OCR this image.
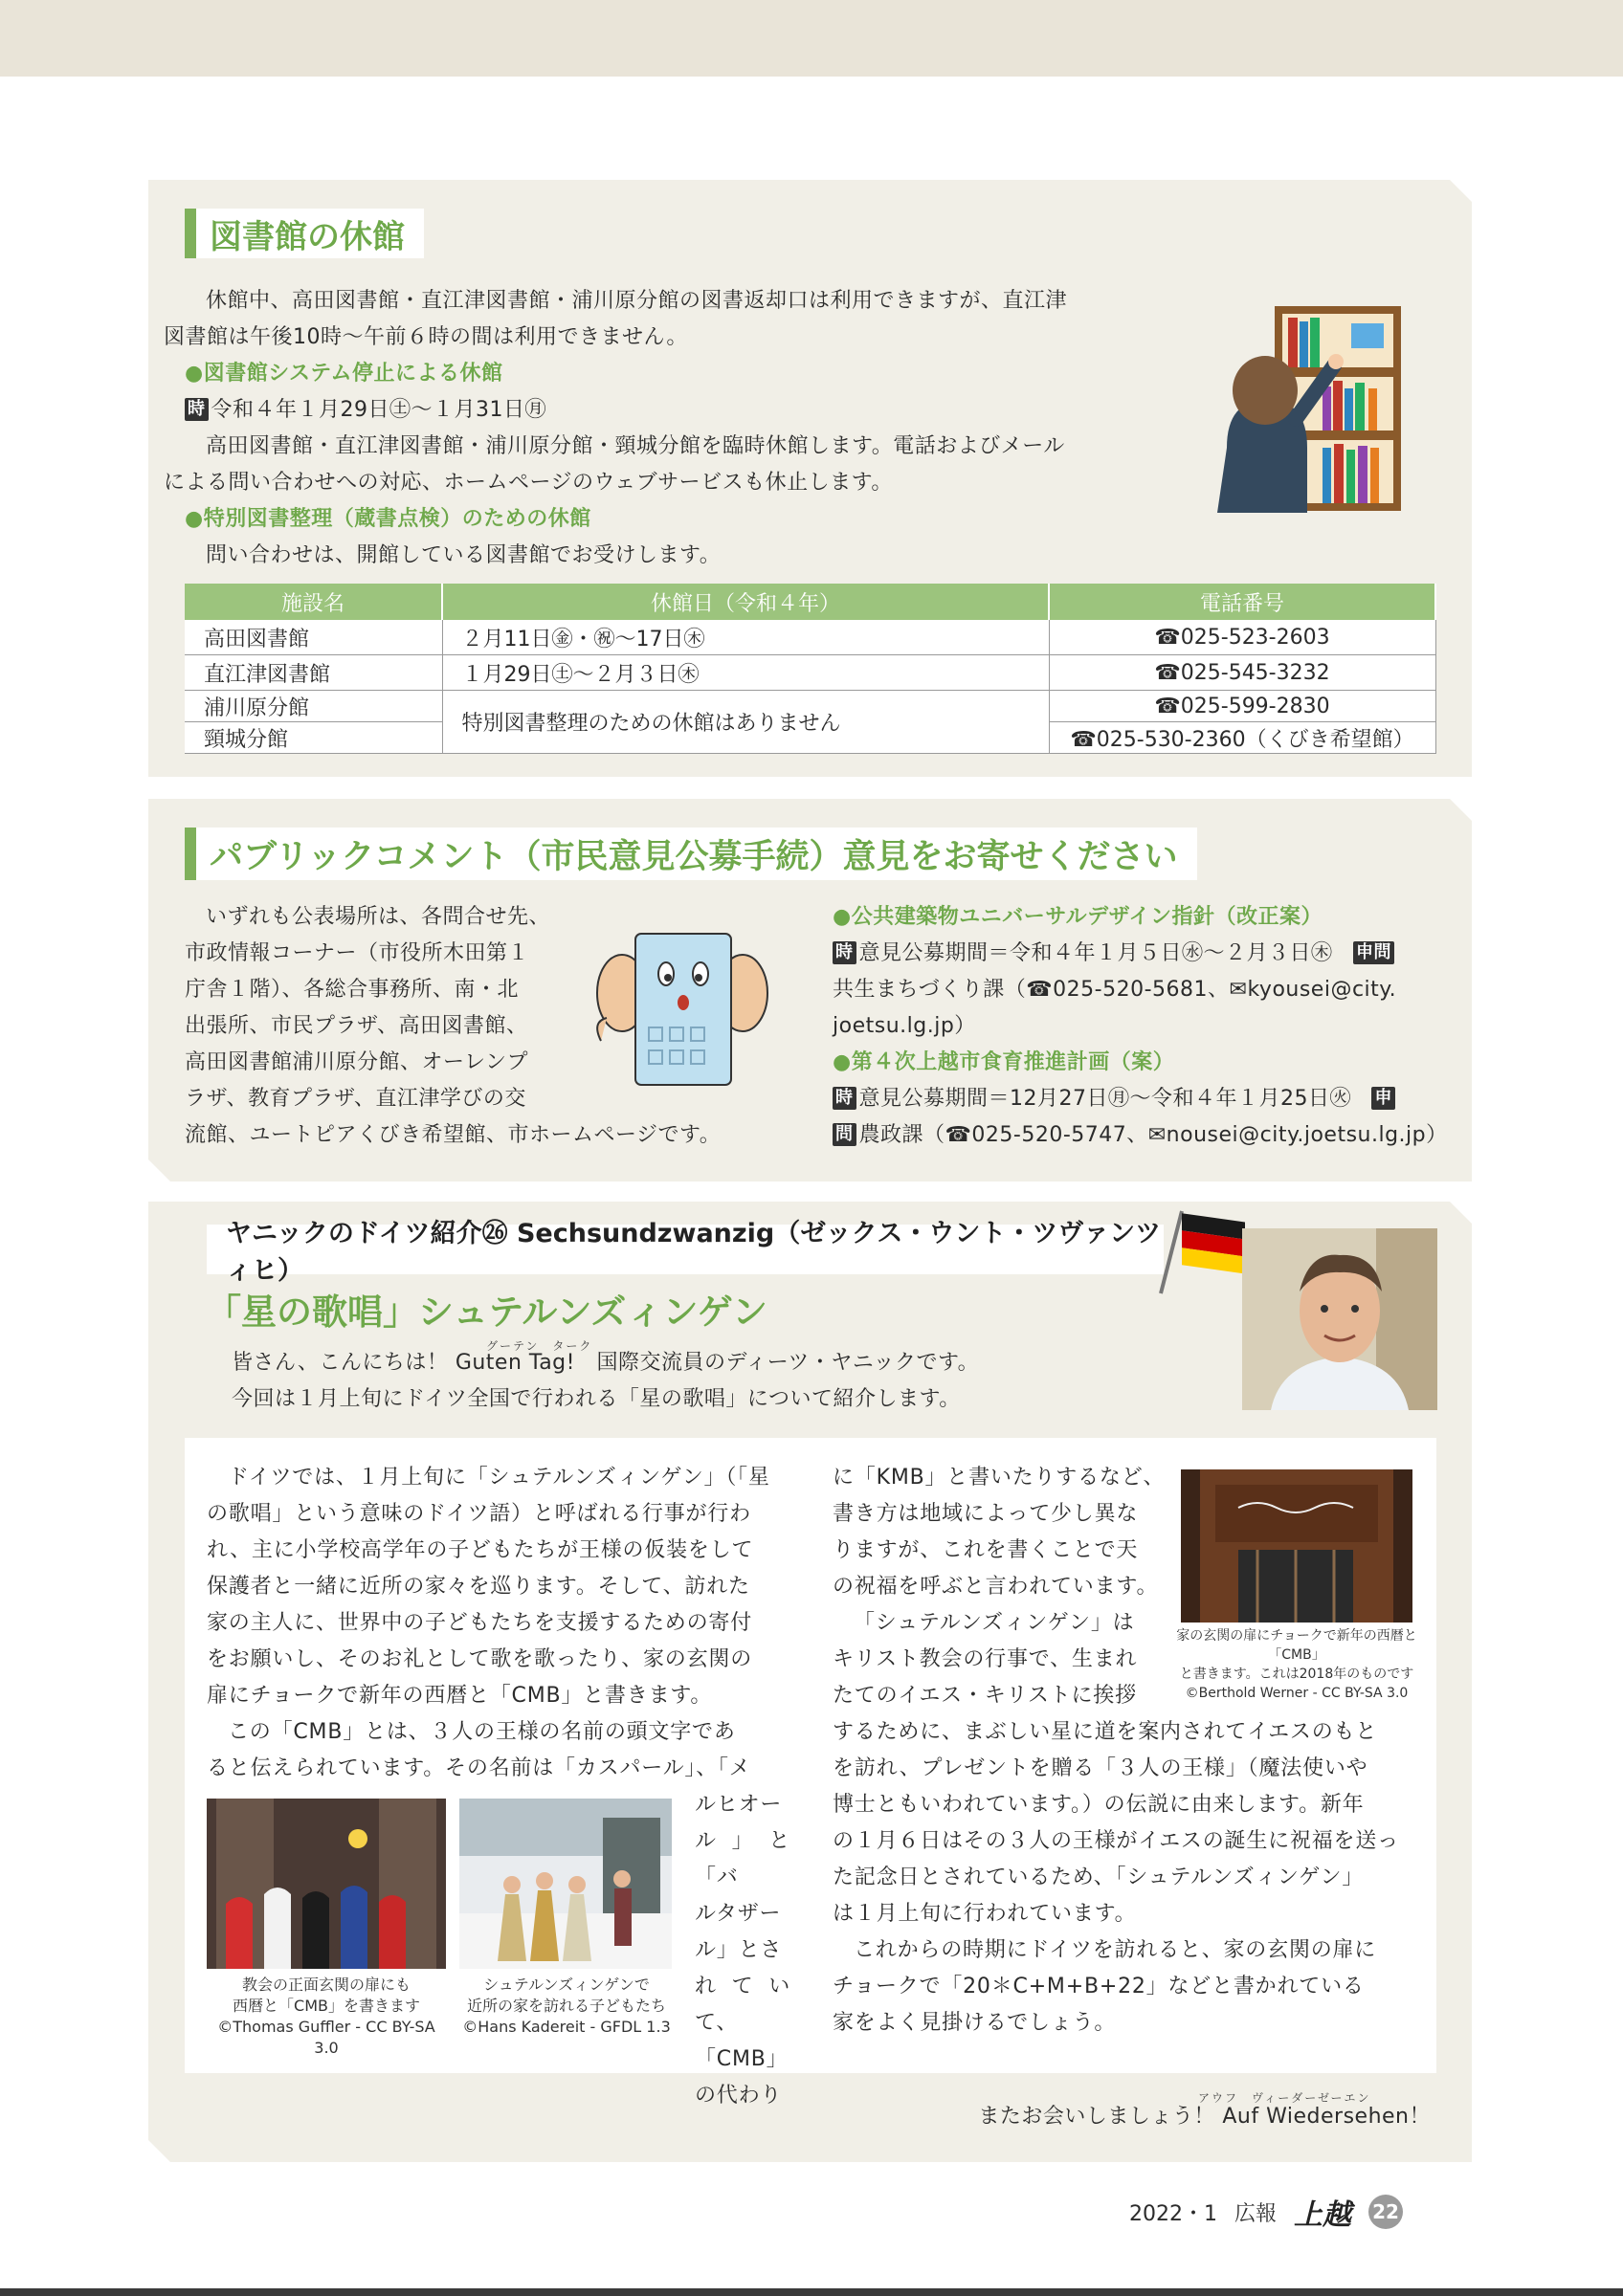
図書館の休館

休館中、高田図書館・直江津図書館・浦川原分館の図書返却口は利用できますが、直江津
図書館は午後10時～午前６時の間は利用できません。

●図書館システム停止による休館

時 令和４年１月29日㊏～１月31日㊊

高田図書館・直江津図書館・浦川原分館・頸城分館を臨時休館します。電話およびメール
による問い合わせへの対応、ホームページのウェブサービスも休止します。

●特別図書整理（蔵書点検）のための休館

問い合わせは、開館している図書館でお受けします。

施設名	休館日（令和４年）	電話番号
高田図書館	２月11日㊎・㊗～17日㊍	☎025-523-2603
直江津図書館	１月29日㊏～２月３日㊍	☎025-545-3232
浦川原分館	特別図書整理のための休館はありません	☎025-599-2830
頸城分館		☎025-530-2360（くびき希望館）
パブリックコメント（市民意見公募手続）意見をお寄せください
いずれも公表場所は、各問合せ先、
市政情報コーナー（市役所木田第１
庁舎１階）、各総合事務所、南・北
出張所、市民プラザ、高田図書館、
高田図書館浦川原分館、オーレンプ
ラザ、教育プラザ、直江津学びの交
流館、ユートピアくびき希望館、市ホームページです。
●公共建築物ユニバーサルデザイン指針（改正案）
時 意見公募期間＝令和４年１月５日㊌～２月３日㊍ 申問
共生まちづくり課（☎025-520-5681、✉kyousei@city.
joetsu.lg.jp）
●第４次上越市食育推進計画（案）
時 意見公募期間＝12月27日㊊～令和４年１月25日㊋ 申
問 農政課（☎025-520-5747、✉nousei@city.joetsu.lg.jp）
ヤニックのドイツ紹介㉖ Sechsundzwanzig（ゼックス・ウント・ツヴァンツィヒ）
「星の歌唱」シュテルンズィンゲン
グーテン　ターク

皆さん、こんにちは！ Guten Tag!　国際交流員のディーツ・ヤニックです。
今回は１月上旬にドイツ全国で行われる「星の歌唱」について紹介します。

ドイツでは、１月上旬に「シュテルンズィンゲン」（「星
の歌唱」という意味のドイツ語）と呼ばれる行事が行わ
れ、主に小学校高学年の子どもたちが王様の仮装をして
保護者と一緒に近所の家々を巡ります。そして、訪れた
家の主人に、世界中の子どもたちを支援するための寄付
をお願いし、そのお礼として歌を歌ったり、家の玄関の
扉にチョークで新年の西暦と「CMB」と書きます。
この「CMB」とは、３人の王様の名前の頭文字であ
ると伝えられています。その名前は「カスパール」、「メ
ルヒオー
ル」と「バ
ルタザー
ル」とさ
れていて、
「CMB」
の代わり
教会の正面玄関の扉にも
西暦と「CMB」を書きます
©Thomas Guffler - CC BY-SA 3.0
シュテルンズィンゲンで
近所の家を訪れる子どもたち
©Hans Kadereit - GFDL 1.3
に「KMB」と書いたりするなど、
書き方は地域によって少し異な
りますが、これを書くことで天
の祝福を呼ぶと言われています。
「シュテルンズィンゲン」は
キリスト教会の行事で、生まれ
たてのイエス・キリストに挨拶
家の玄関の扉にチョークで新年の西暦と「CMB」
と書きます。これは2018年のものです
©Berthold Werner - CC BY-SA 3.0
するために、まぶしい星に道を案内されてイエスのもと
を訪れ、プレゼントを贈る「３人の王様」（魔法使いや
博士ともいわれています。）の伝説に由来します。新年
の１月６日はその３人の王様がイエスの誕生に祝福を送っ
た記念日とされているため、「シュテルンズィンゲン」
は１月上旬に行われています。
これからの時期にドイツを訪れると、家の玄関の扉に
チョークで「20＊C+M+B+22」などと書かれている
家をよく見掛けるでしょう。
アウフ　ヴィーダーゼーエン
またお会いしましょう！ Auf Wiedersehen！
2022・1 広報 上越 22
